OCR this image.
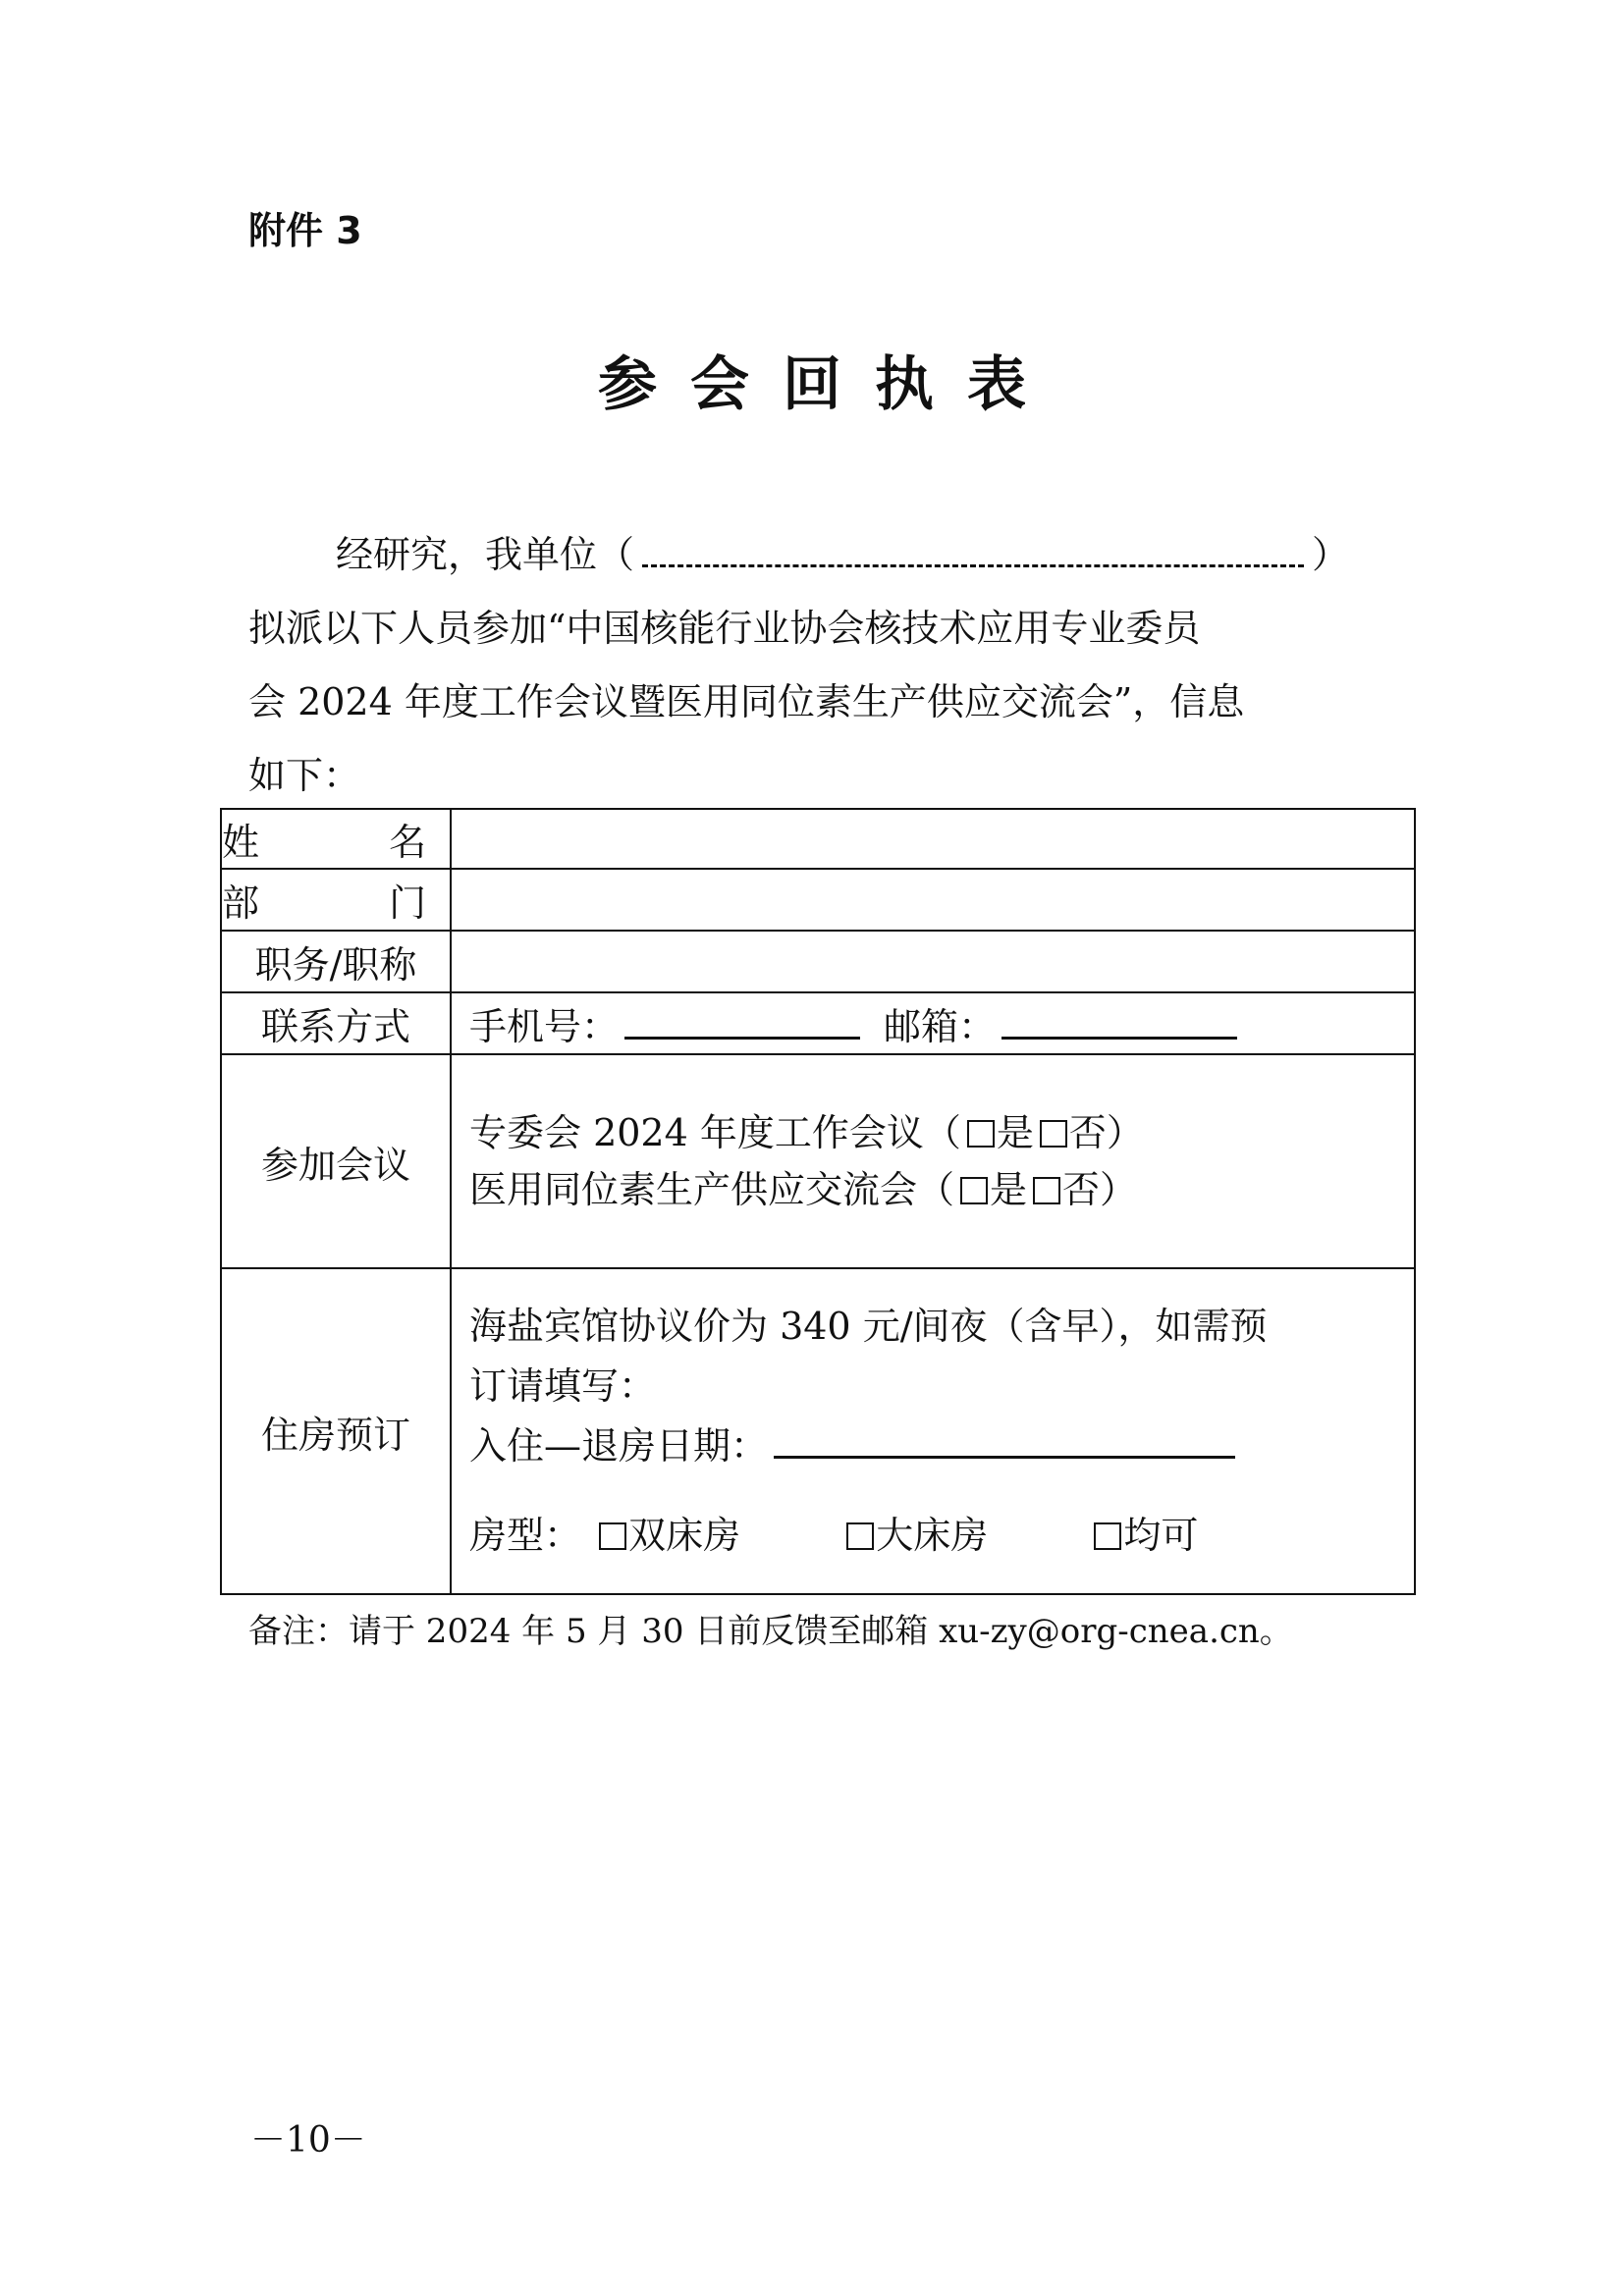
附件 3
参会回执表
经研究，我单位（	）
拟派以下人员参加“中国核能行业协会核技术应用专业委员
会 2024 年度工作会议暨医用同位素生产供应交流会”，信息
如下：
姓 名	
部 门	
职务/职称	
联系方式	手机号： 邮箱：
参加会议	专委会 2024 年度工作会议（ 是 否）
医用同位素生产供应交流会（ 是 否）

住房预订	海盐宾馆协议价为 340 元/间夜（含早），如需预
订请填写：
入住—退房日期：
房型： 双床房 大床房 均可
备注：请于 2024 年 5 月 30 日前反馈至邮箱 xu-zy@org-cnea.cn。
－10－
